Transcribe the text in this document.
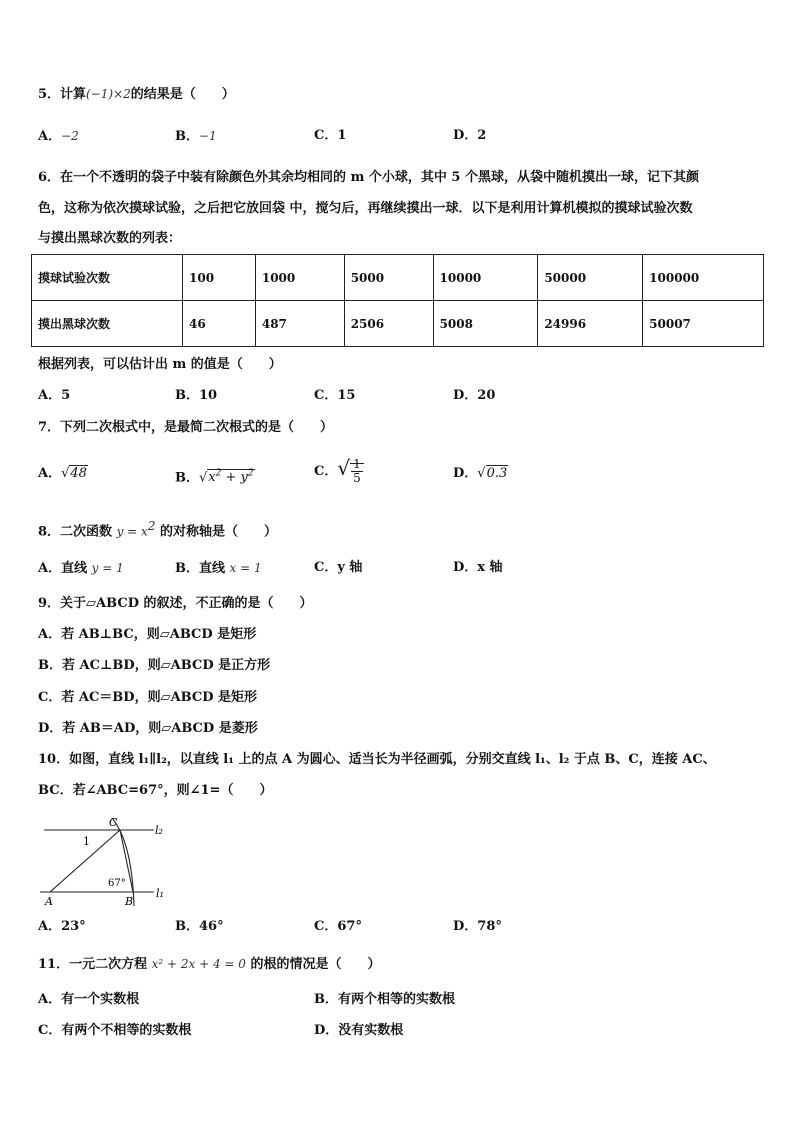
5．计算(−1)×2的结果是（　　）
A．−2	B．−1	C．1	D．2
6．在一个不透明的袋子中装有除颜色外其余均相同的 m 个小球，其中 5 个黑球，从袋中随机摸出一球，记下其颜
色，这称为依次摸球试验，之后把它放回袋 中，搅匀后，再继续摸出一球．以下是利用计算机模拟的摸球试验次数
与摸出黑球次数的列表：
摸球试验次数	100	1000	5000	10000	50000	100000
摸出黑球次数	46	487	2506	5008	24996	50007
根据列表，可以估计出 m 的值是（　　）
A．5	B．10	C．15	D．20
7．下列二次根式中，是最简二次根式的是（　　）
A．√48	B．$√x^2 + y^2$	C．√ $\frac{1}{5}$	D．√0.3
8．二次函数 $y = x^2$ 的对称轴是（　　）
A．直线 y = 1	B．直线 x = 1	C．y 轴	D．x 轴
9．关于▱ABCD 的叙述，不正确的是（　　）
A．若 AB⊥BC，则▱ABCD 是矩形
B．若 AC⊥BD，则▱ABCD 是正方形
C．若 AC＝BD，则▱ABCD 是矩形
D．若 AB＝AD，则▱ABCD 是菱形
10．如图，直线 l₁∥l₂，以直线 l₁ 上的点 A 为圆心、适当长为半径画弧，分别交直线 l₁、l₂ 于点 B、C，连接 AC、
BC．若∠ABC=67°，则∠1=（　　）
C
l₂
1
67°
l₁
A	B
A．23°	B．46°	C．67°	D．78°
11．一元二次方程 x² + 2x + 4 = 0 的根的情况是（　　）
A．有一个实数根	B．有两个相等的实数根
C．有两个不相等的实数根	D．没有实数根
